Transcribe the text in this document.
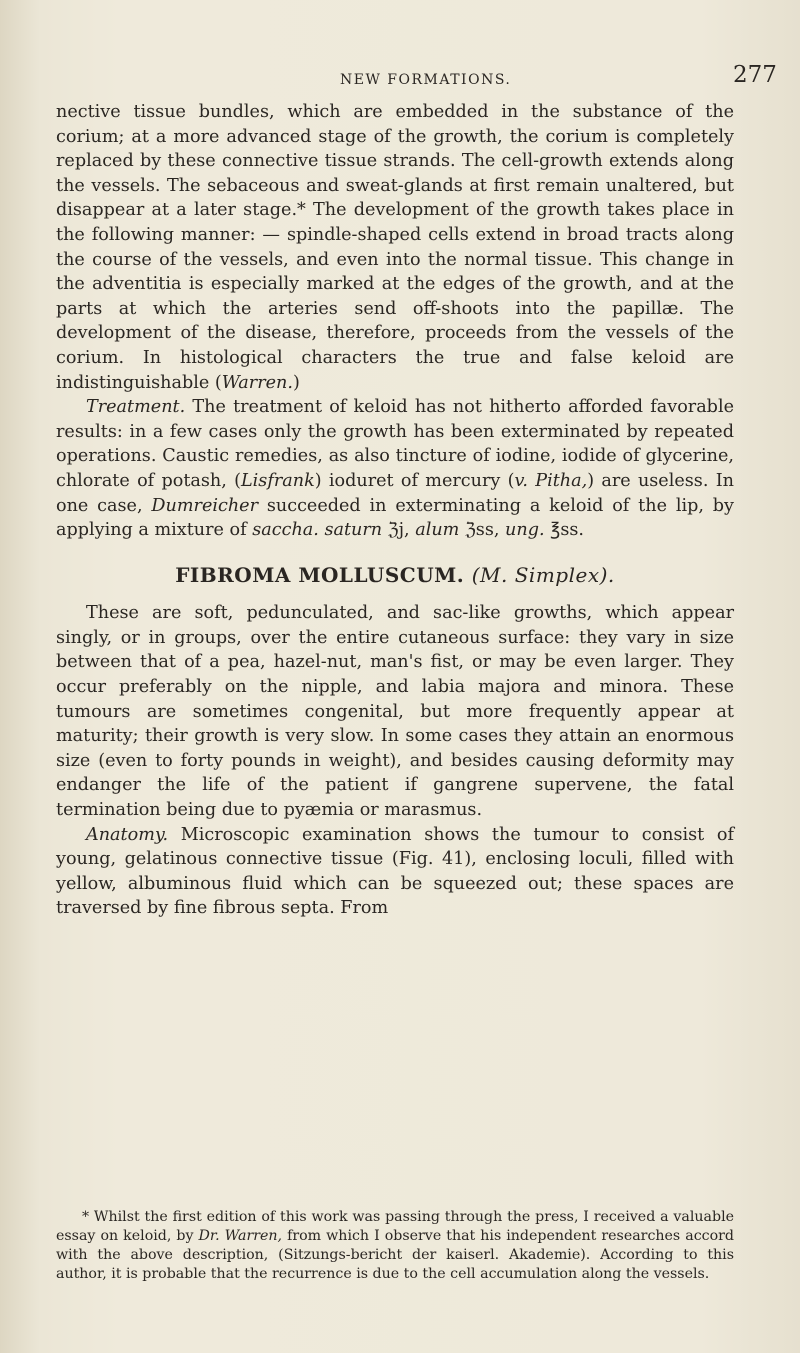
NEW FORMATIONS.	277

nective tissue bundles, which are embedded in the substance of the corium; at a more advanced stage of the growth, the corium is completely replaced by these connective tissue strands. The cell-growth extends along the vessels. The sebaceous and sweat-glands at first remain unaltered, but disappear at a later stage.* The development of the growth takes place in the following manner: — spindle-shaped cells extend in broad tracts along the course of the vessels, and even into the normal tissue. This change in the adventitia is especially marked at the edges of the growth, and at the parts at which the arteries send off-shoots into the papillæ. The development of the disease, therefore, proceeds from the vessels of the corium. In histological characters the true and false keloid are indistinguishable (Warren.)

Treatment. The treatment of keloid has not hitherto afforded favorable results: in a few cases only the growth has been exterminated by repeated operations. Caustic remedies, as also tincture of iodine, iodide of glycerine, chlorate of potash, (Lisfrank) ioduret of mercury (v. Pitha,) are useless. In one case, Dumreicher succeeded in exterminating a keloid of the lip, by applying a mixture of saccha. saturn ℨj, alum ℨss, ung. ℥ss.

FIBROMA MOLLUSCUM. (M. Simplex).

These are soft, pedunculated, and sac-like growths, which appear singly, or in groups, over the entire cutaneous surface: they vary in size between that of a pea, hazel-nut, man's fist, or may be even larger. They occur preferably on the nipple, and labia majora and minora. These tumours are sometimes congenital, but more frequently appear at maturity; their growth is very slow. In some cases they attain an enormous size (even to forty pounds in weight), and besides causing deformity may endanger the life of the patient if gangrene supervene, the fatal termination being due to pyæmia or marasmus.

Anatomy. Microscopic examination shows the tumour to consist of young, gelatinous connective tissue (Fig. 41), enclosing loculi, filled with yellow, albuminous fluid which can be squeezed out; these spaces are traversed by fine fibrous septa. From

* Whilst the first edition of this work was passing through the press, I received a valuable essay on keloid, by Dr. Warren, from which I observe that his independent researches accord with the above description, (Sitzungs-bericht der kaiserl. Akademie). According to this author, it is probable that the recurrence is due to the cell accumulation along the vessels.
